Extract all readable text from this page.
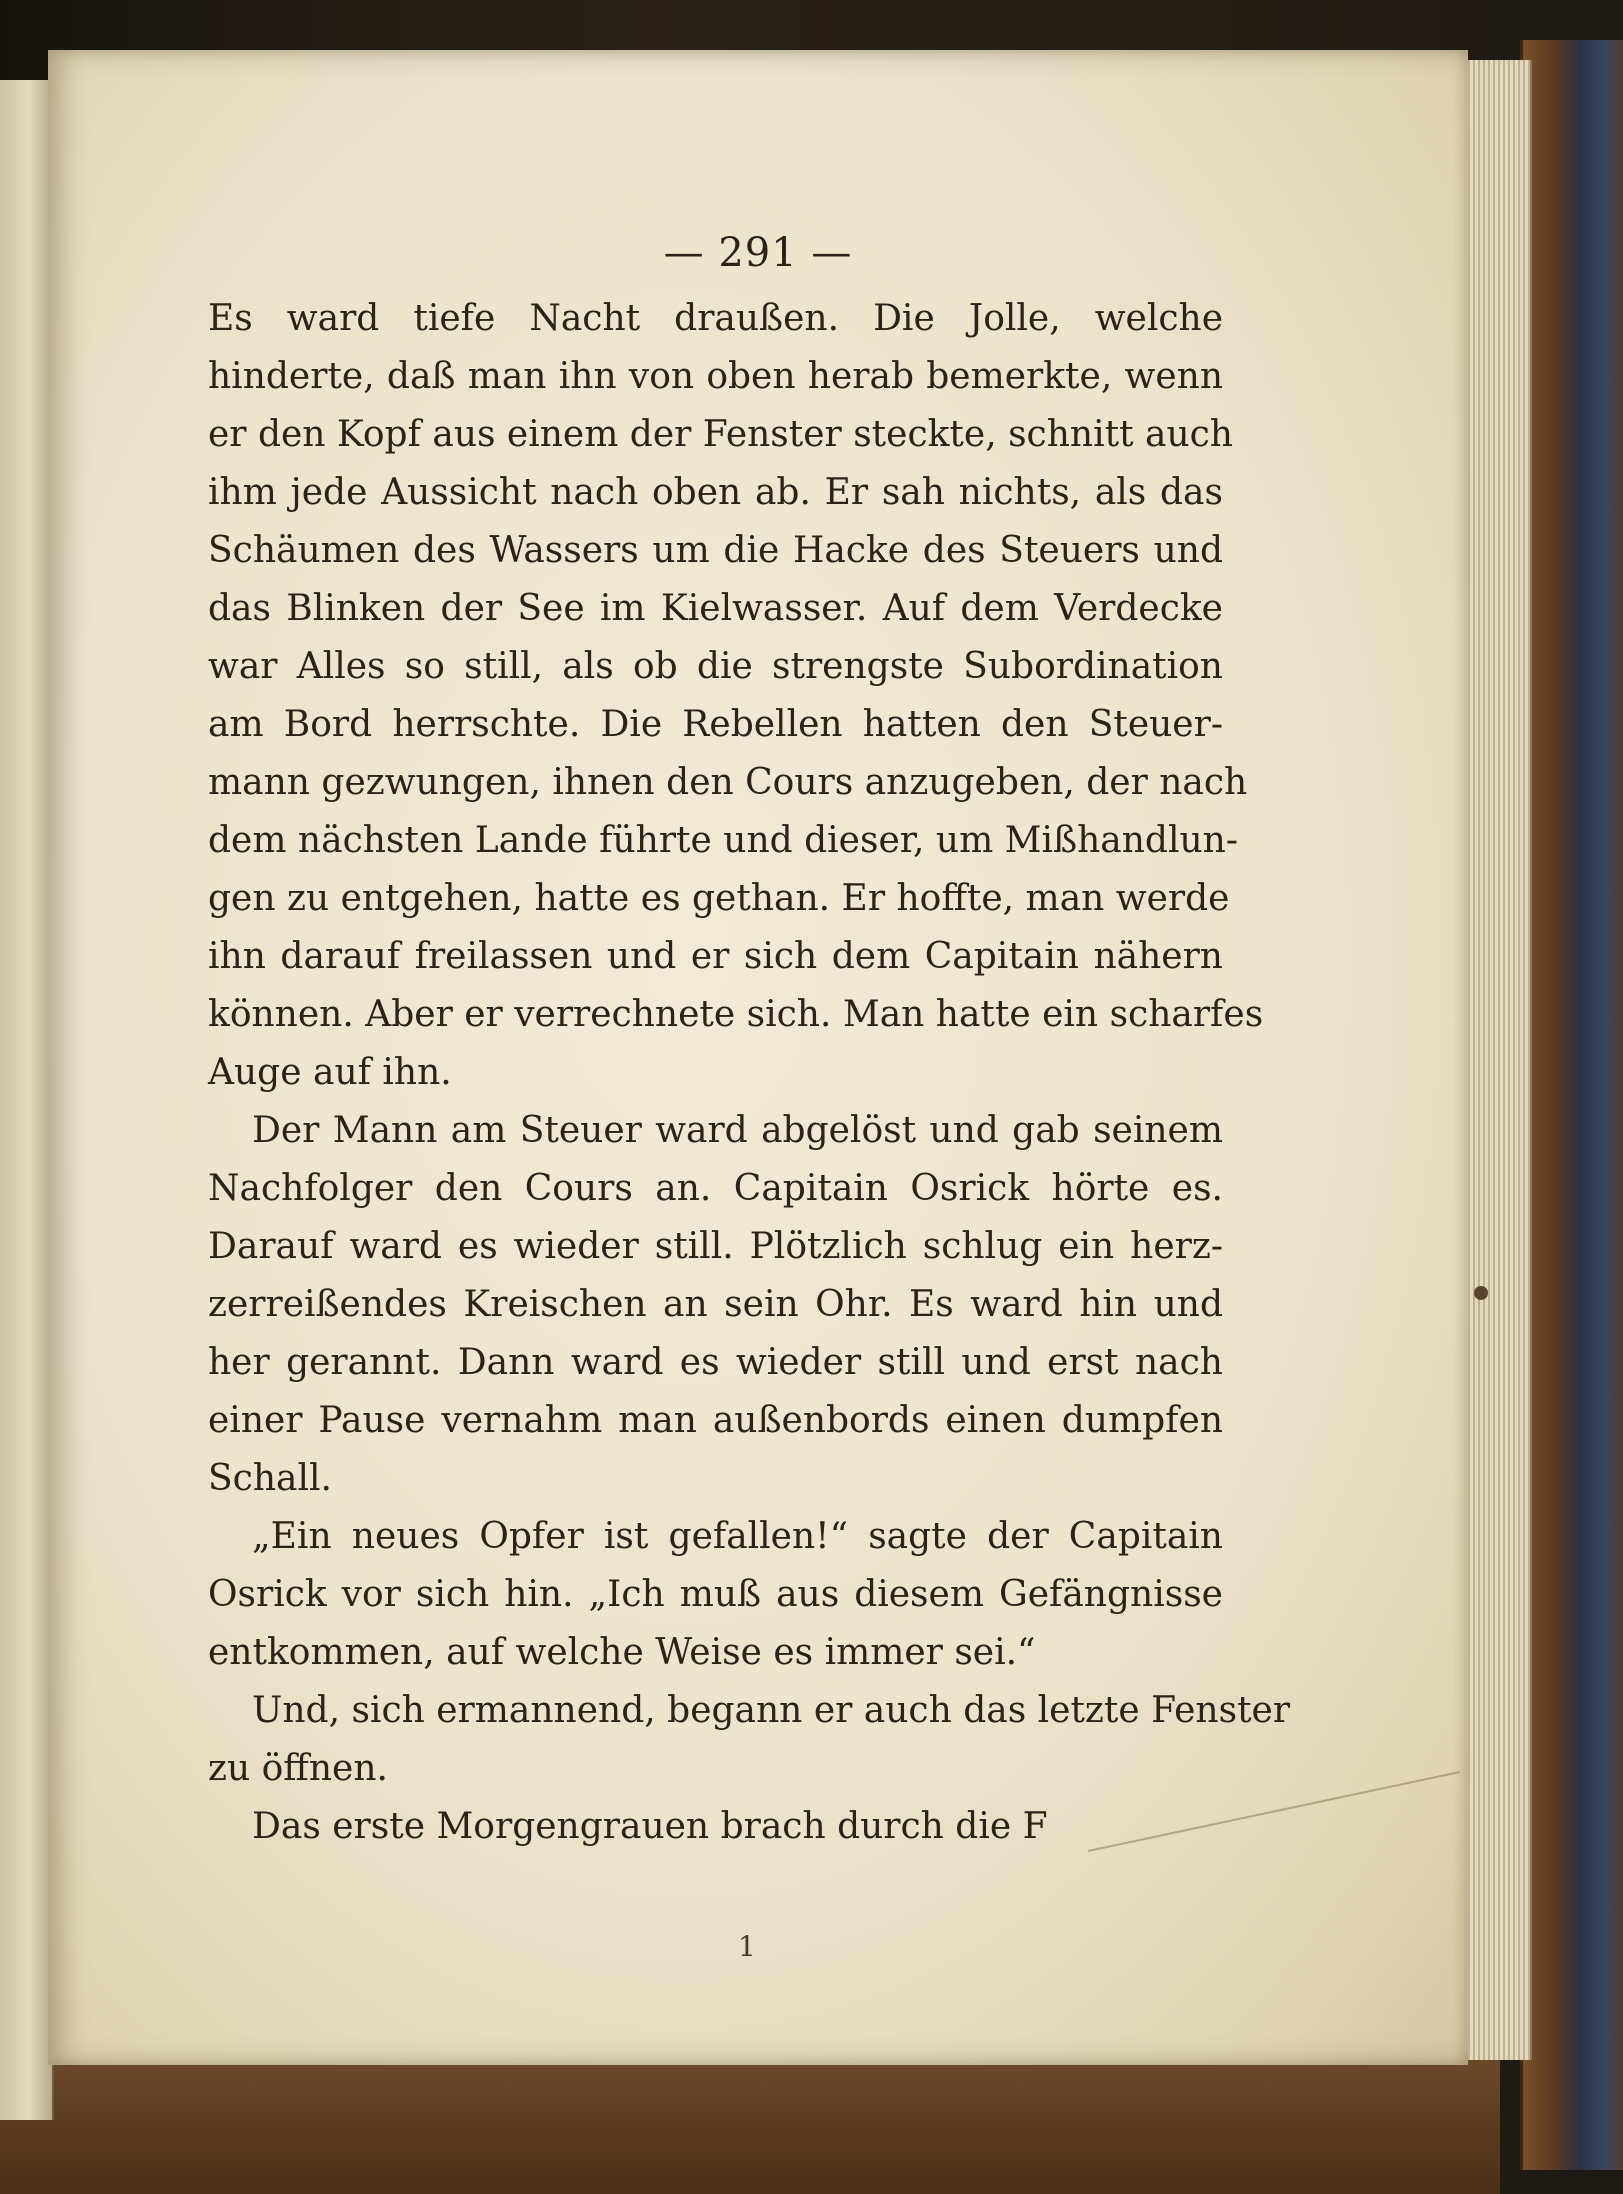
— 291 —
Es ward tiefe Nacht draußen. Die Jolle, welche
hinderte, daß man ihn von oben herab bemerkte, wenn
er den Kopf aus einem der Fenster steckte, schnitt auch
ihm jede Aussicht nach oben ab. Er sah nichts, als das
Schäumen des Wassers um die Hacke des Steuers und
das Blinken der See im Kielwasser. Auf dem Verdecke
war Alles so still, als ob die strengste Subordination
am Bord herrschte. Die Rebellen hatten den Steuer-
mann gezwungen, ihnen den Cours anzugeben, der nach
dem nächsten Lande führte und dieser, um Mißhandlun-
gen zu entgehen, hatte es gethan. Er hoffte, man werde
ihn darauf freilassen und er sich dem Capitain nähern
können. Aber er verrechnete sich. Man hatte ein scharfes
Auge auf ihn.
Der Mann am Steuer ward abgelöst und gab seinem
Nachfolger den Cours an. Capitain Osrick hörte es.
Darauf ward es wieder still. Plötzlich schlug ein herz-
zerreißendes Kreischen an sein Ohr. Es ward hin und
her gerannt. Dann ward es wieder still und erst nach
einer Pause vernahm man außenbords einen dumpfen
Schall.
„Ein neues Opfer ist gefallen!“ sagte der Capitain
Osrick vor sich hin. „Ich muß aus diesem Gefängnisse
entkommen, auf welche Weise es immer sei.“
Und, sich ermannend, begann er auch das letzte Fenster
zu öffnen.
Das erste Morgengrauen brach durch die F
1
